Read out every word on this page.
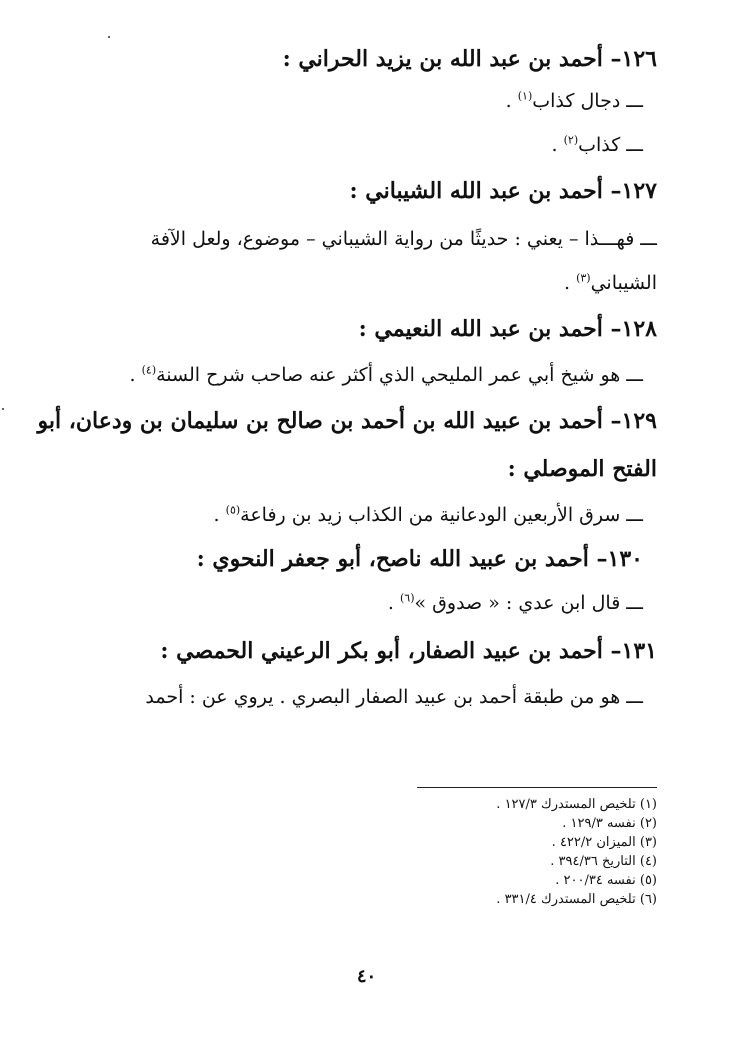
١٢٦– أحمد بن عبد الله بن يزيد الحراني :
ـــدجال كذاب$^{(١)}$ .
ـــكذاب$^{(٢)}$ .
١٢٧– أحمد بن عبد الله الشيباني :
ـــفهـــذا – يعني : حديثًا من رواية الشيباني – موضوع، ولعل الآفة
الشيباني$^{(٣)}$ .
١٢٨– أحمد بن عبد الله النعيمي :
ـــهو شيخ أبي عمر المليحي الذي أكثر عنه صاحب شرح السنة$^{(٤)}$ .
١٢٩– أحمد بن عبيد الله بن أحمد بن صالح بن سليمان بن ودعان، أبو
الفتح الموصلي :
ـــسرق الأربعين الودعانية من الكذاب زيد بن رفاعة$^{(٥)}$ .
١٣٠– أحمد بن عبيد الله ناصح، أبو جعفر النحوي :
ـــقال ابن عدي : « صدوق »$^{(٦)}$ .
١٣١– أحمد بن عبيد الصفار، أبو بكر الرعيني الحمصي :
ـــهو من طبقة أحمد بن عبيد الصفار البصري . يروي عن : أحمد
(١) تلخيص المستدرك ١٢٧/٣ .
(٢) نفسه ١٢٩/٣ .
(٣) الميزان ٤٢٢/٢ .
(٤) التاريخ ٣٩٤/٣٦ .
(٥) نفسه ٢٠٠/٣٤ .
(٦) تلخيص المستدرك ٣٣١/٤ .
٤٠
